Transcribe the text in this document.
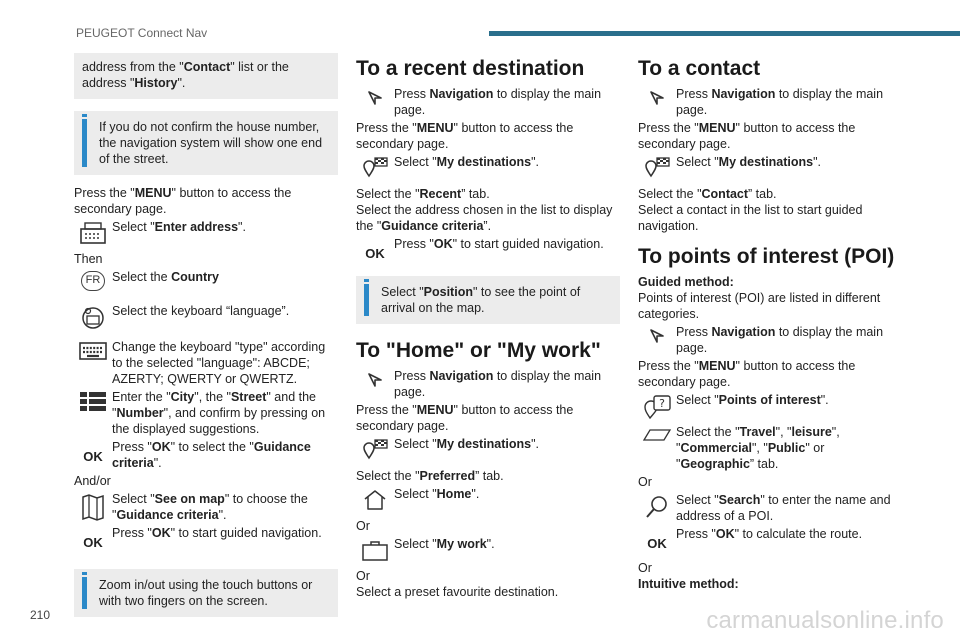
PEUGEOT Connect Nav
address from the "Contact" list or the address "History".
If you do not confirm the house number, the navigation system will show one end of the street.
Press the "MENU" button to access the secondary page.
Select "Enter address".
Then
FR Select the Country
Select the keyboard “language”.
Change the keyboard "type" according to the selected "language": ABCDE; AZERTY; QWERTY or QWERTZ.
Enter the "City", the "Street" and the "Number", and confirm by pressing on the displayed suggestions.
OK
Press "OK" to select the "Guidance criteria".
And/or
Select "See on map" to choose the "Guidance criteria".
OK
Press "OK" to start guided navigation.
Zoom in/out using the touch buttons or with two fingers on the screen.
To a recent destination
Press Navigation to display the main page.
Press the "MENU" button to access the secondary page.
Select "My destinations".
Select the "Recent” tab.
Select the address chosen in the list to display the "Guidance criteria”.
OK
Press "OK" to start guided navigation.
Select "Position" to see the point of arrival on the map.
To "Home" or "My work"
Press Navigation to display the main page.
Press the "MENU" button to access the secondary page.
Select "My destinations".
Select the "Preferred” tab.
Select "Home".
Or
Select "My work".
Or
Select a preset favourite destination.
To a contact
Press Navigation to display the main page.
Press the "MENU" button to access the secondary page.
Select "My destinations".
Select the "Contact” tab.
Select a contact in the list to start guided navigation.
To points of interest (POI)
Guided method:
Points of interest (POI) are listed in different categories.
Press Navigation to display the main page.
Press the "MENU" button to access the secondary page.
? Select "Points of interest".
Select the "Travel", "leisure", "Commercial", "Public" or "Geographic” tab.
Or
Select "Search" to enter the name and address of a POI.
OK
Press "OK" to calculate the route.
Or
Intuitive method:
210	carmanualsonline.info
